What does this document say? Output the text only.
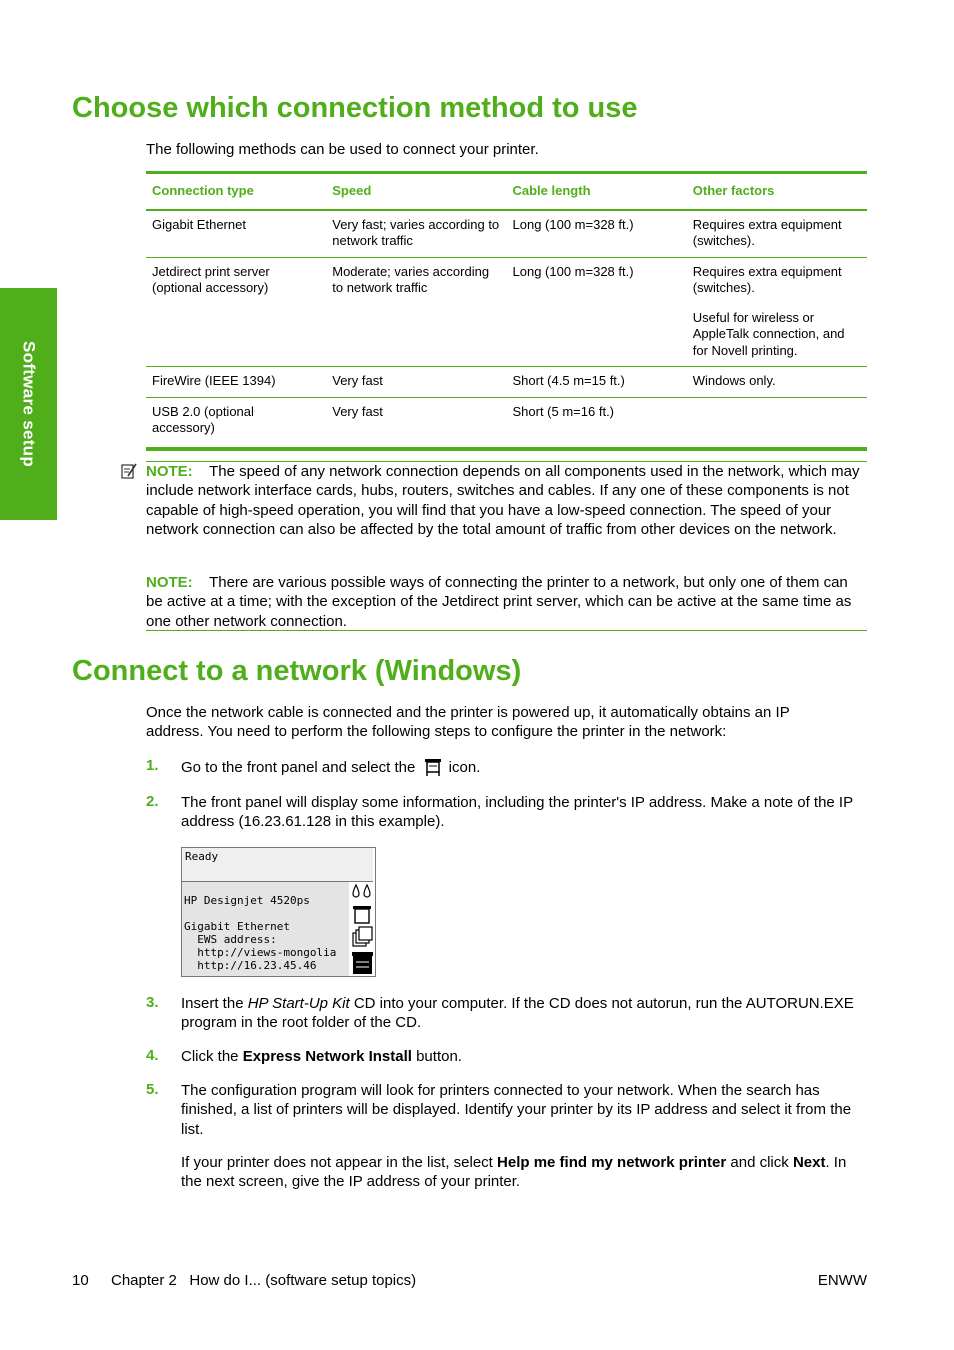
Software setup
Choose which connection method to use
The following methods can be used to connect your printer.
Connection type	Speed	Cable length	Other factors
Gigabit Ethernet	Very fast; varies according to network traffic	Long (100 m=328 ft.)	Requires extra equipment (switches).
Jetdirect print server (optional accessory)	Moderate; varies according to network traffic	Long (100 m=328 ft.)	Requires extra equipment (switches).
Useful for wireless or AppleTalk connection, and for Novell printing.

FireWire (IEEE 1394)	Very fast	Short (4.5 m=15 ft.)	Windows only.
USB 2.0 (optional accessory)	Very fast	Short (5 m=16 ft.)	
NOTE: The speed of any network connection depends on all components used in the network, which may include network interface cards, hubs, routers, switches and cables. If any one of these components is not capable of high-speed operation, you will find that you have a low-speed connection. The speed of your network connection can also be affected by the total amount of traffic from other devices on the network.
NOTE: There are various possible ways of connecting the printer to a network, but only one of them can be active at a time; with the exception of the Jetdirect print server, which can be active at the same time as one other network connection.
Connect to a network (Windows)
Once the network cable is connected and the printer is powered up, it automatically obtains an IP address. You need to perform the following steps to configure the printer in the network:
1. Go to the front panel and select the icon.
2. The front panel will display some information, including the printer's IP address. Make a note of the IP address (16.23.61.128 in this example).
Ready
HP Designjet 4520ps
Gigabit Ethernet
EWS address:
http://views-mongolia
http://16.23.45.46
3. Insert the HP Start-Up Kit CD into your computer. If the CD does not autorun, run the AUTORUN.EXE program in the root folder of the CD.
4. Click the Express Network Install button.
5. The configuration program will look for printers connected to your network. When the search has finished, a list of printers will be displayed. Identify your printer by its IP address and select it from the list.
If your printer does not appear in the list, select Help me find my network printer and click Next. In the next screen, give the IP address of your printer.
10 Chapter 2   How do I... (software setup topics)	ENWW
